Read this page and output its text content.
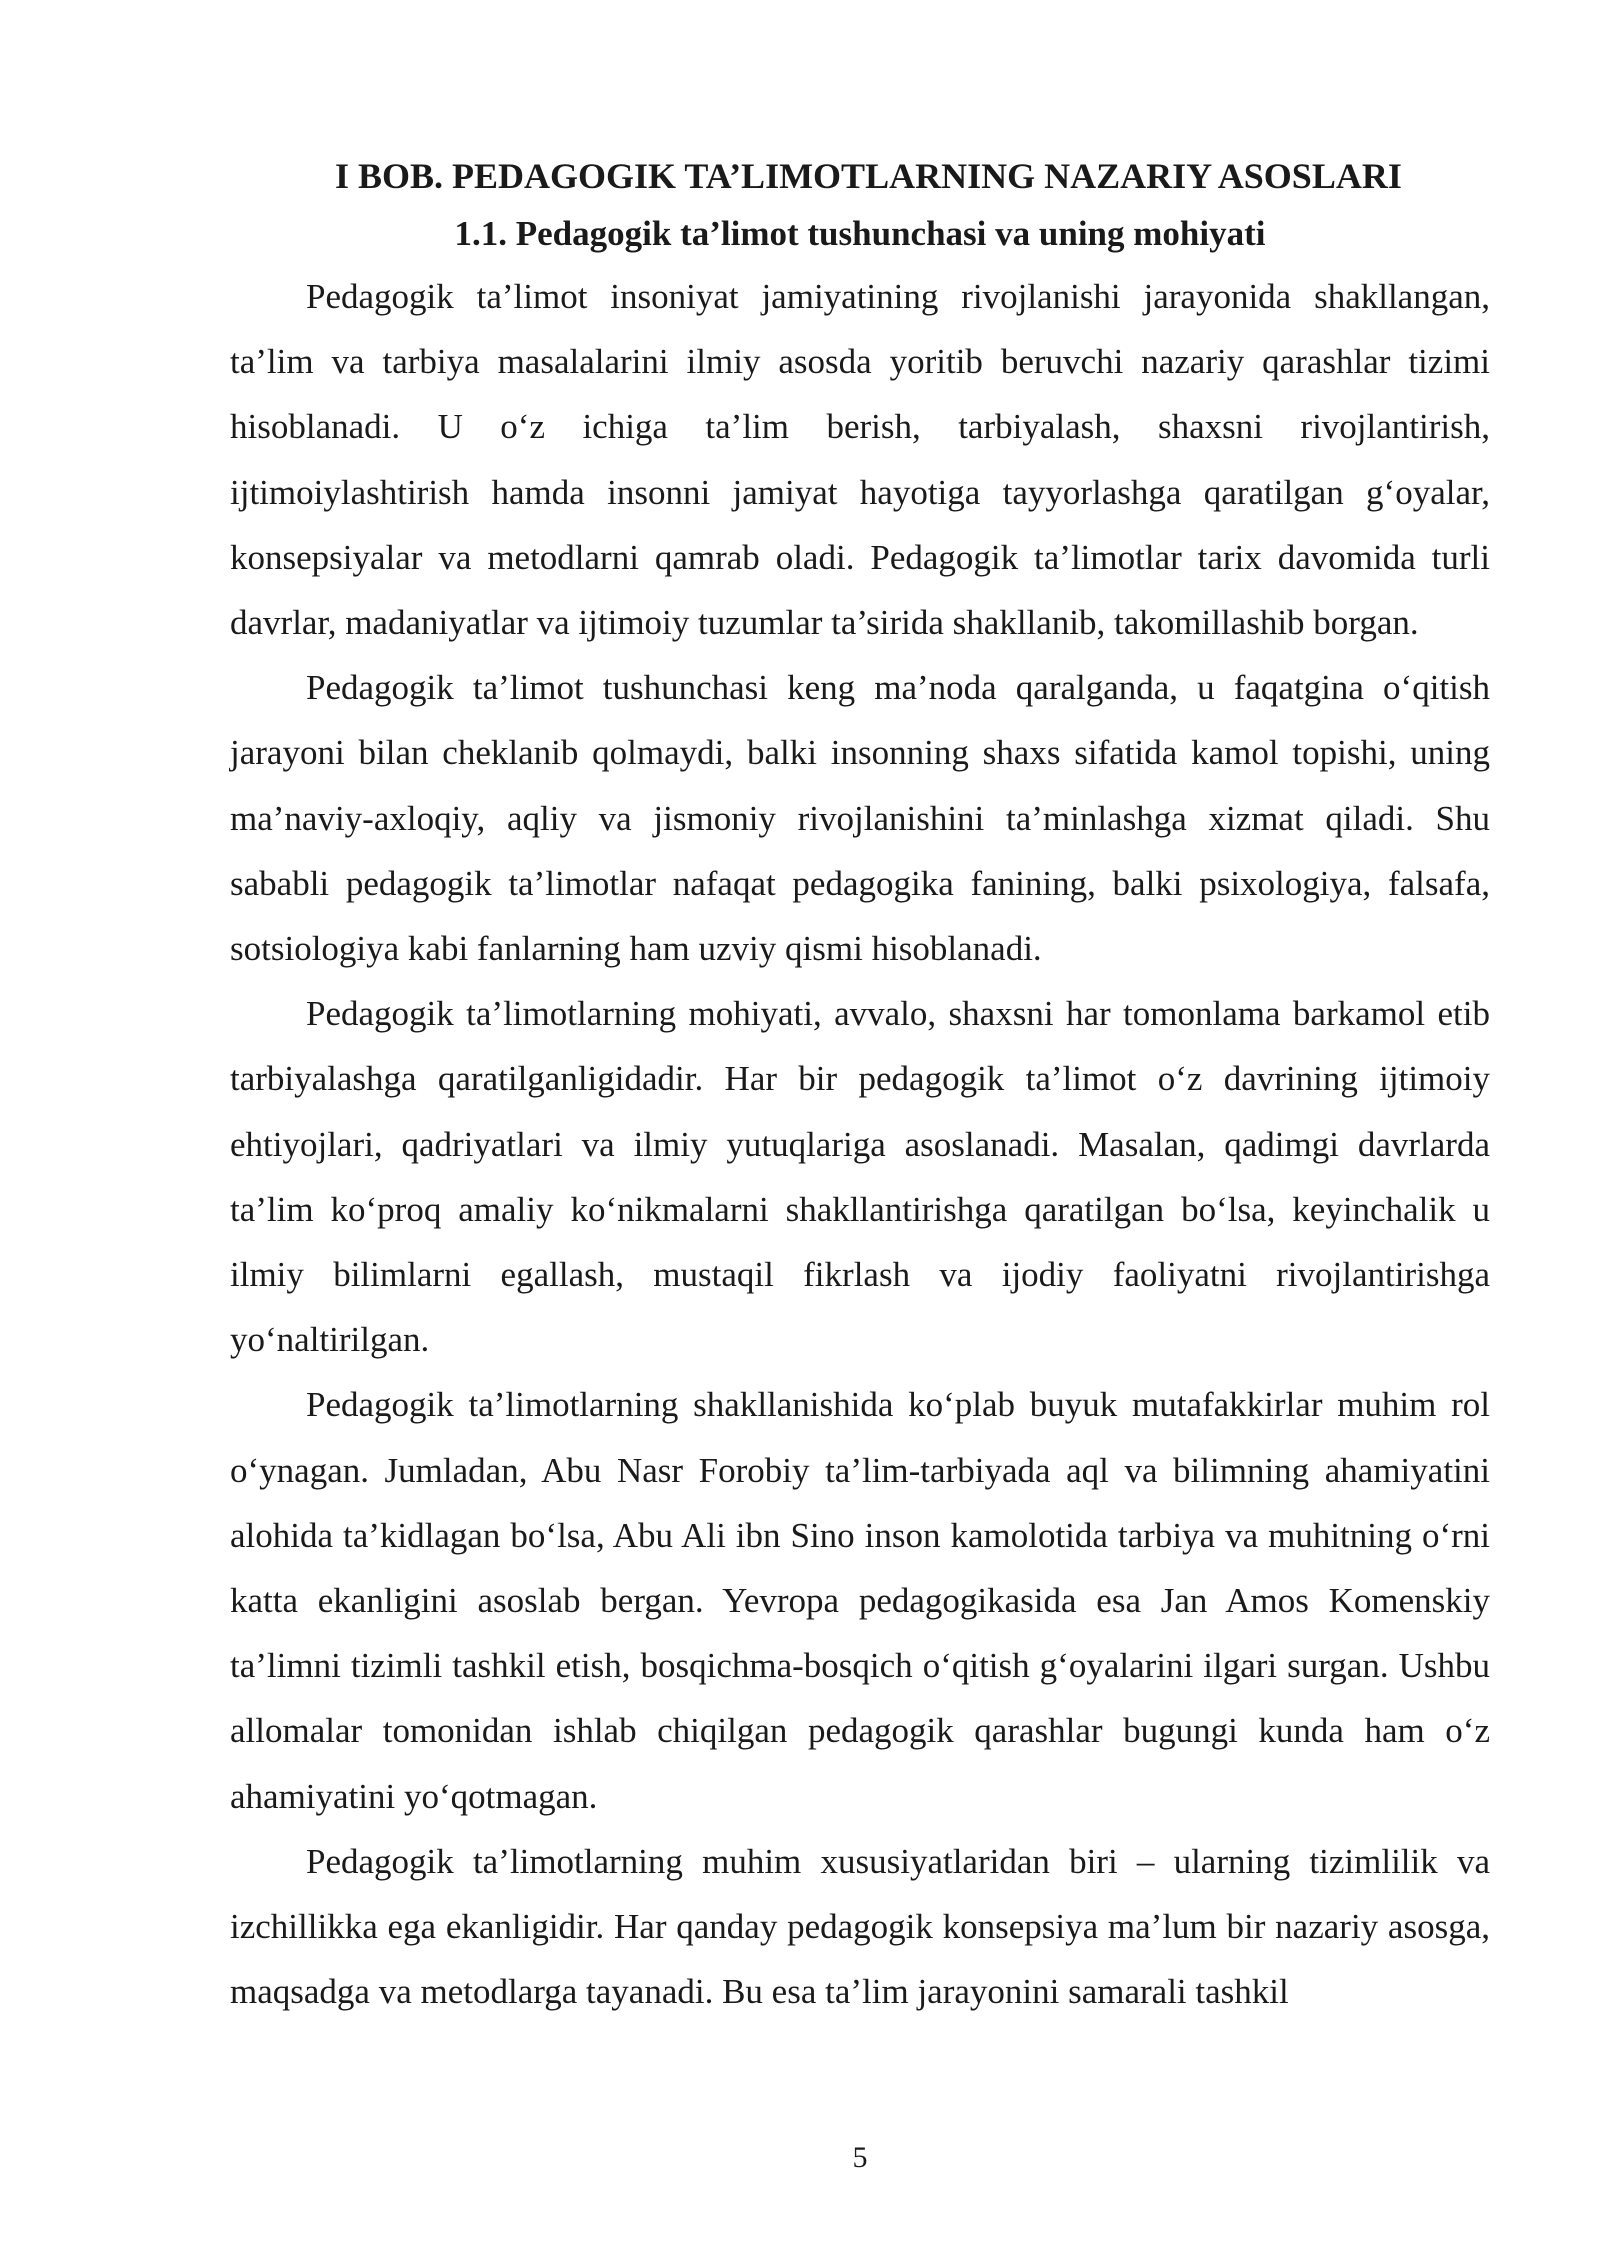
I BOB. PEDAGOGIK TA’LIMOTLARNING NAZARIY ASOSLARI
1.1. Pedagogik ta’limot tushunchasi va uning mohiyati

Pedagogik ta’limot insoniyat jamiyatining rivojlanishi jarayonida shakllangan, ta’lim va tarbiya masalalarini ilmiy asosda yoritib beruvchi nazariy qarashlar tizimi hisoblanadi. U o‘z ichiga ta’lim berish, tarbiyalash, shaxsni rivojlantirish, ijtimoiylashtirish hamda insonni jamiyat hayotiga tayyorlashga qaratilgan g‘oyalar, konsepsiyalar va metodlarni qamrab oladi. Pedagogik ta’limotlar tarix davomida turli davrlar, madaniyatlar va ijtimoiy tuzumlar ta’sirida shakllanib, takomillashib borgan.

Pedagogik ta’limot tushunchasi keng ma’noda qaralganda, u faqatgina o‘qitish jarayoni bilan cheklanib qolmaydi, balki insonning shaxs sifatida kamol topishi, uning ma’naviy-axloqiy, aqliy va jismoniy rivojlanishini ta’minlashga xizmat qiladi. Shu sababli pedagogik ta’limotlar nafaqat pedagogika fanining, balki psixologiya, falsafa, sotsiologiya kabi fanlarning ham uzviy qismi hisoblanadi.

Pedagogik ta’limotlarning mohiyati, avvalo, shaxsni har tomonlama barkamol etib tarbiyalashga qaratilganligidadir. Har bir pedagogik ta’limot o‘z davrining ijtimoiy ehtiyojlari, qadriyatlari va ilmiy yutuqlariga asoslanadi. Masalan, qadimgi davrlarda ta’lim ko‘proq amaliy ko‘nikmalarni shakllantirishga qaratilgan bo‘lsa, keyinchalik u ilmiy bilimlarni egallash, mustaqil fikrlash va ijodiy faoliyatni rivojlantirishga yo‘naltirilgan.

Pedagogik ta’limotlarning shakllanishida ko‘plab buyuk mutafakkirlar muhim rol o‘ynagan. Jumladan, Abu Nasr Forobiy ta’lim-tarbiyada aql va bilimning ahamiyatini alohida ta’kidlagan bo‘lsa, Abu Ali ibn Sino inson kamolotida tarbiya va muhitning o‘rni katta ekanligini asoslab bergan. Yevropa pedagogikasida esa Jan Amos Komenskiy ta’limni tizimli tashkil etish, bosqichma-bosqich o‘qitish g‘oyalarini ilgari surgan. Ushbu allomalar tomonidan ishlab chiqilgan pedagogik qarashlar bugungi kunda ham o‘z ahamiyatini yo‘qotmagan.

Pedagogik ta’limotlarning muhim xususiyatlaridan biri – ularning tizimlilik va izchillikka ega ekanligidir. Har qanday pedagogik konsepsiya ma’lum bir nazariy asosga, maqsadga va metodlarga tayanadi. Bu esa ta’lim jarayonini samarali tashkil

5
